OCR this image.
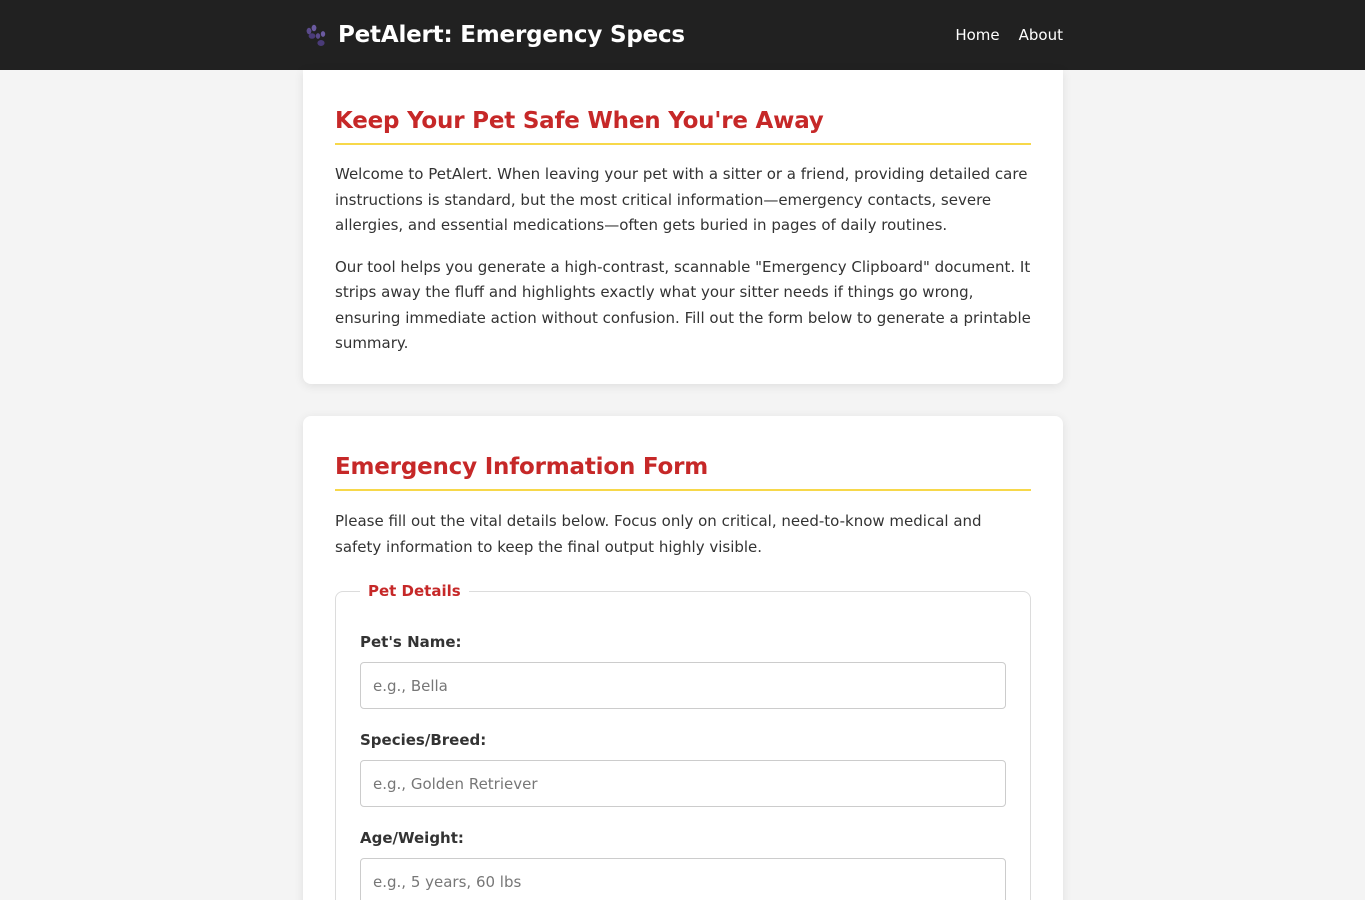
PetAlert: Emergency Specs	Home About
Keep Your Pet Safe When You're Away

Welcome to PetAlert. When leaving your pet with a sitter or a friend, providing detailed care instructions is standard, but the most critical information—emergency contacts, severe allergies, and essential medications—often gets buried in pages of daily routines.

Our tool helps you generate a high-contrast, scannable "Emergency Clipboard" document. It strips away the fluff and highlights exactly what your sitter needs if things go wrong, ensuring immediate action without confusion. Fill out the form below to generate a printable summary.

Emergency Information Form

Please fill out the vital details below. Focus only on critical, need-to-know medical and safety information to keep the final output highly visible.

Pet Details
Pet's Name:
e.g., Bella
Species/Breed:
e.g., Golden Retriever
Age/Weight:
e.g., 5 years, 60 lbs
